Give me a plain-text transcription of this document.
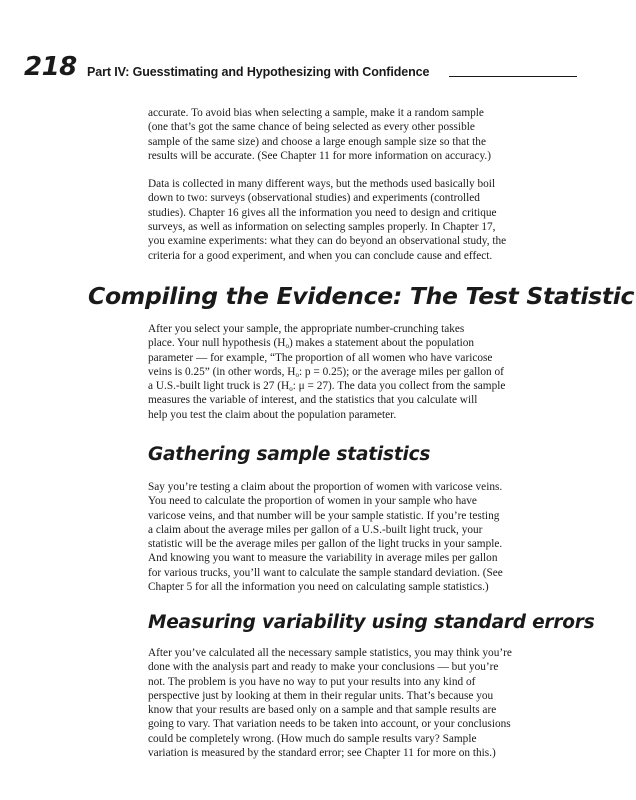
218 Part IV: Guesstimating and Hypothesizing with Confidence

accurate. To avoid bias when selecting a sample, make it a random sample
(one that’s got the same chance of being selected as every other possible
sample of the same size) and choose a large enough sample size so that the
results will be accurate. (See Chapter 11 for more information on accuracy.)

Data is collected in many different ways, but the methods used basically boil
down to two: surveys (observational studies) and experiments (controlled
studies). Chapter 16 gives all the information you need to design and critique
surveys, as well as information on selecting samples properly. In Chapter 17,
you examine experiments: what they can do beyond an observational study, the
criteria for a good experiment, and when you can conclude cause and effect.

Compiling the Evidence: The Test Statistic

After you select your sample, the appropriate number-crunching takes
place. Your null hypothesis $(H_o)$ makes a statement about the population
parameter — for example, “The proportion of all women who have varicose
veins is 0.25” (in other words, $H_o$: p = 0.25); or the average miles per gallon of
a U.S.-built light truck is 27 ($H_o$: μ = 27). The data you collect from the sample
measures the variable of interest, and the statistics that you calculate will
help you test the claim about the population parameter.

Gathering sample statistics

Say you’re testing a claim about the proportion of women with varicose veins.
You need to calculate the proportion of women in your sample who have
varicose veins, and that number will be your sample statistic. If you’re testing
a claim about the average miles per gallon of a U.S.-built light truck, your
statistic will be the average miles per gallon of the light trucks in your sample.
And knowing you want to measure the variability in average miles per gallon
for various trucks, you’ll want to calculate the sample standard deviation. (See
Chapter 5 for all the information you need on calculating sample statistics.)

Measuring variability using standard errors

After you’ve calculated all the necessary sample statistics, you may think you’re
done with the analysis part and ready to make your conclusions — but you’re
not. The problem is you have no way to put your results into any kind of
perspective just by looking at them in their regular units. That’s because you
know that your results are based only on a sample and that sample results are
going to vary. That variation needs to be taken into account, or your conclusions
could be completely wrong. (How much do sample results vary? Sample
variation is measured by the standard error; see Chapter 11 for more on this.)
